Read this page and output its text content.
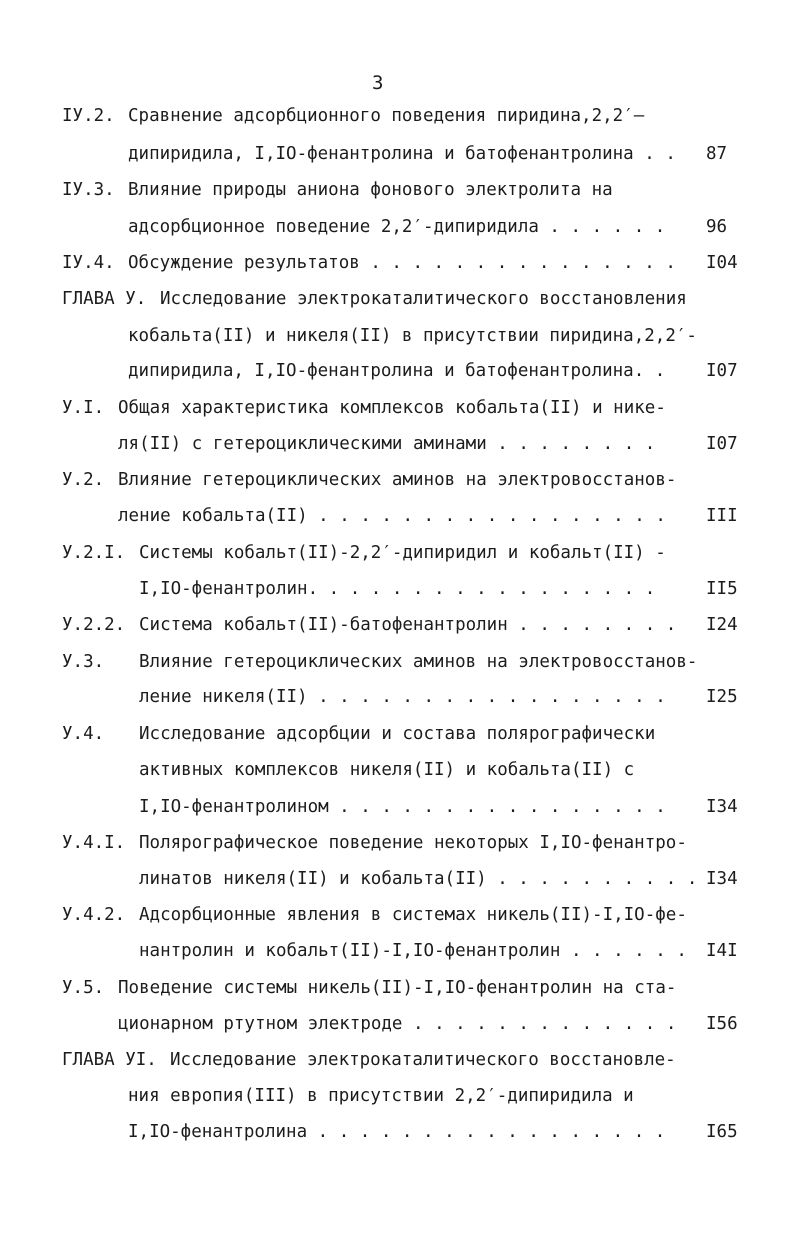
3
IУ.2. Сравнение адсорбционного поведения пиридина,2,2′—
дипиридила, I,IO-фенантролина и батофенантролина . . 87
IУ.3. Влияние природы аниона фонового электролита на
адсорбционное поведение 2,2′-дипиридила . . . . . . 96
IУ.4. Обсуждение результатов . . . . . . . . . . . . . . . I04
ГЛАВА У. Исследование электрокаталитического восстановления
кобальта(II) и никеля(II) в присутствии пиридина,2,2′-
дипиридила, I,IO-фенантролина и батофенантролина. . I07
У.I. Общая характеристика комплексов кобальта(II) и нике-
ля(II) с гетероциклическими аминами . . . . . . . .	I07
У.2. Влияние гетероциклических аминов на электровосстанов-
ление кобальта(II) . . . . . . . . . . . . . . . . . III
У.2.I. Системы кобальт(II)-2,2′-дипиридил и кобальт(II) -
I,IO-фенантролин. . . . . . . . . . . . . . . . .	II5
У.2.2. Система кобальт(II)-батофенантролин . . . . . . . . I24
У.3. Влияние гетероциклических аминов на электровосстанов-
ление никеля(II) . . . . . . . . . . . . . . . . . I25
У.4. Исследование адсорбции и состава полярографически
активных комплексов никеля(II) и кобальта(II) с
I,IO-фенантролином . . . . . . . . . . . . . . . . I34
У.4.I. Полярографическое поведение некоторых I,IO-фенантро-
линатов никеля(II) и кобальта(II) . . . . . . . . . . I34
У.4.2. Адсорбционные явления в системах никель(II)-I,IO-фе-
нантролин и кобальт(II)-I,IO-фенантролин . . . . . . I4I
У.5. Поведение системы никель(II)-I,IO-фенантролин на ста-
ционарном ртутном электроде . . . . . . . . . . . . . I56
ГЛАВА УI. Исследование электрокаталитического восстановле-
ния европия(III) в присутствии 2,2′-дипиридила и
I,IO-фенантролина . . . . . . . . . . . . . . . . . I65
